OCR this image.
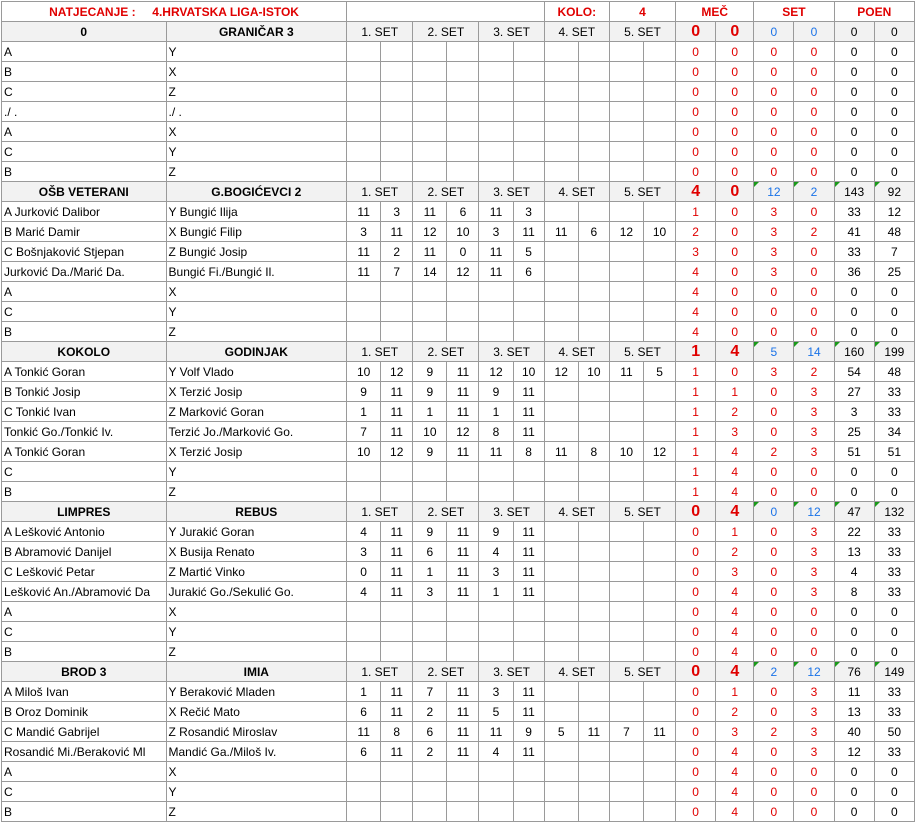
NATJECANJE : 4.HRVATSKA LIGA-ISTOK								KOLO:		4		MEČ		SET		POEN	
0	GRANIČAR 3	1. SET		2. SET		3. SET		4. SET		5. SET		0	0	0	0	0	0
A	Y											0	0	0	0	0	0
B	X											0	0	0	0	0	0
C	Z											0	0	0	0	0	0
./ .	./ .											0	0	0	0	0	0
A	X											0	0	0	0	0	0
C	Y											0	0	0	0	0	0
B	Z											0	0	0	0	0	0
OŠB VETERANI	G.BOGIĆEVCI 2	1. SET		2. SET		3. SET		4. SET		5. SET		4	0	12	2	143	92
A Jurković Dalibor	Y Bungić Ilija	11	3	11	6	11	3					1	0	3	0	33	12
B Marić Damir	X Bungić Filip	3	11	12	10	3	11	11	6	12	10	2	0	3	2	41	48
C Bošnjaković Stjepan	Z Bungić Josip	11	2	11	0	11	5					3	0	3	0	33	7
Jurković Da./Marić Da.	Bungić Fi./Bungić Il.	11	7	14	12	11	6					4	0	3	0	36	25
A	X											4	0	0	0	0	0
C	Y											4	0	0	0	0	0
B	Z											4	0	0	0	0	0
KOKOLO	GODINJAK	1. SET		2. SET		3. SET		4. SET		5. SET		1	4	5	14	160	199
A Tonkić Goran	Y Volf Vlado	10	12	9	11	12	10	12	10	11	5	1	0	3	2	54	48
B Tonkić Josip	X Terzić Josip	9	11	9	11	9	11					1	1	0	3	27	33
C Tonkić Ivan	Z Marković Goran	1	11	1	11	1	11					1	2	0	3	3	33
Tonkić Go./Tonkić Iv.	Terzić Jo./Marković Go.	7	11	10	12	8	11					1	3	0	3	25	34
A Tonkić Goran	X Terzić Josip	10	12	9	11	11	8	11	8	10	12	1	4	2	3	51	51
C	Y											1	4	0	0	0	0
B	Z											1	4	0	0	0	0
LIMPRES	REBUS	1. SET		2. SET		3. SET		4. SET		5. SET		0	4	0	12	47	132
A Lešković Antonio	Y Jurakić Goran	4	11	9	11	9	11					0	1	0	3	22	33
B Abramović Danijel	X Busija Renato	3	11	6	11	4	11					0	2	0	3	13	33
C Lešković Petar	Z Martić Vinko	0	11	1	11	3	11					0	3	0	3	4	33
Lešković An./Abramović Da	Jurakić Go./Sekulić Go.	4	11	3	11	1	11					0	4	0	3	8	33
A	X											0	4	0	0	0	0
C	Y											0	4	0	0	0	0
B	Z											0	4	0	0	0	0
BROD 3	IMIA	1. SET		2. SET		3. SET		4. SET		5. SET		0	4	2	12	76	149
A Miloš Ivan	Y Beraković Mladen	1	11	7	11	3	11					0	1	0	3	11	33
B Oroz Dominik	X Rečić Mato	6	11	2	11	5	11					0	2	0	3	13	33
C Mandić Gabrijel	Z Rosandić Miroslav	11	8	6	11	11	9	5	11	7	11	0	3	2	3	40	50
Rosandić Mi./Beraković Ml	Mandić Ga./Miloš Iv.	6	11	2	11	4	11					0	4	0	3	12	33
A	X											0	4	0	0	0	0
C	Y											0	4	0	0	0	0
B	Z											0	4	0	0	0	0
